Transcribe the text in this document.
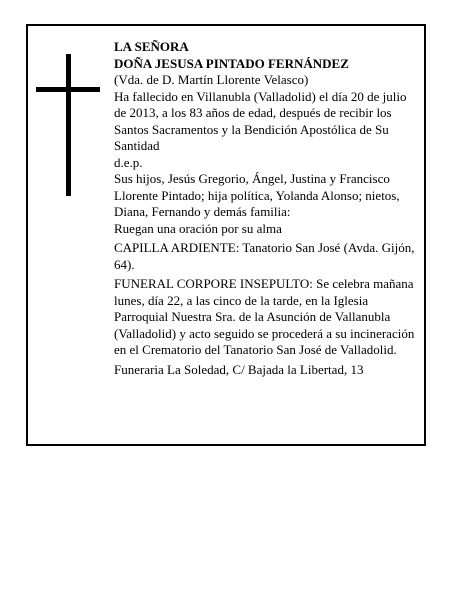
LA SEÑORA

DOÑA JESUSA PINTADO FERNÁNDEZ

(Vda. de D. Martín Llorente Velasco)

Ha fallecido en Villanubla (Valladolid) el día 20 de julio de 2013, a los 83 años de edad, después de recibir los Santos Sacramentos y la Bendición Apostólica de Su Santidad

d.e.p.

Sus hijos, Jesús Gregorio, Ángel, Justina y Francisco Llorente Pintado; hija política, Yolanda Alonso; nietos, Diana, Fernando y demás familia:

Ruegan una oración por su alma

CAPILLA ARDIENTE: Tanatorio San José (Avda. Gijón, 64).

FUNERAL CORPORE INSEPULTO: Se celebra mañana lunes, día 22, a las cinco de la tarde, en la Iglesia Parroquial Nuestra Sra. de la Asunción de Vallanubla (Valladolid) y acto seguido se procederá a su incineración en el Crematorio del Tanatorio San José de Valladolid.

Funeraria La Soledad, C/ Bajada la Libertad, 13
